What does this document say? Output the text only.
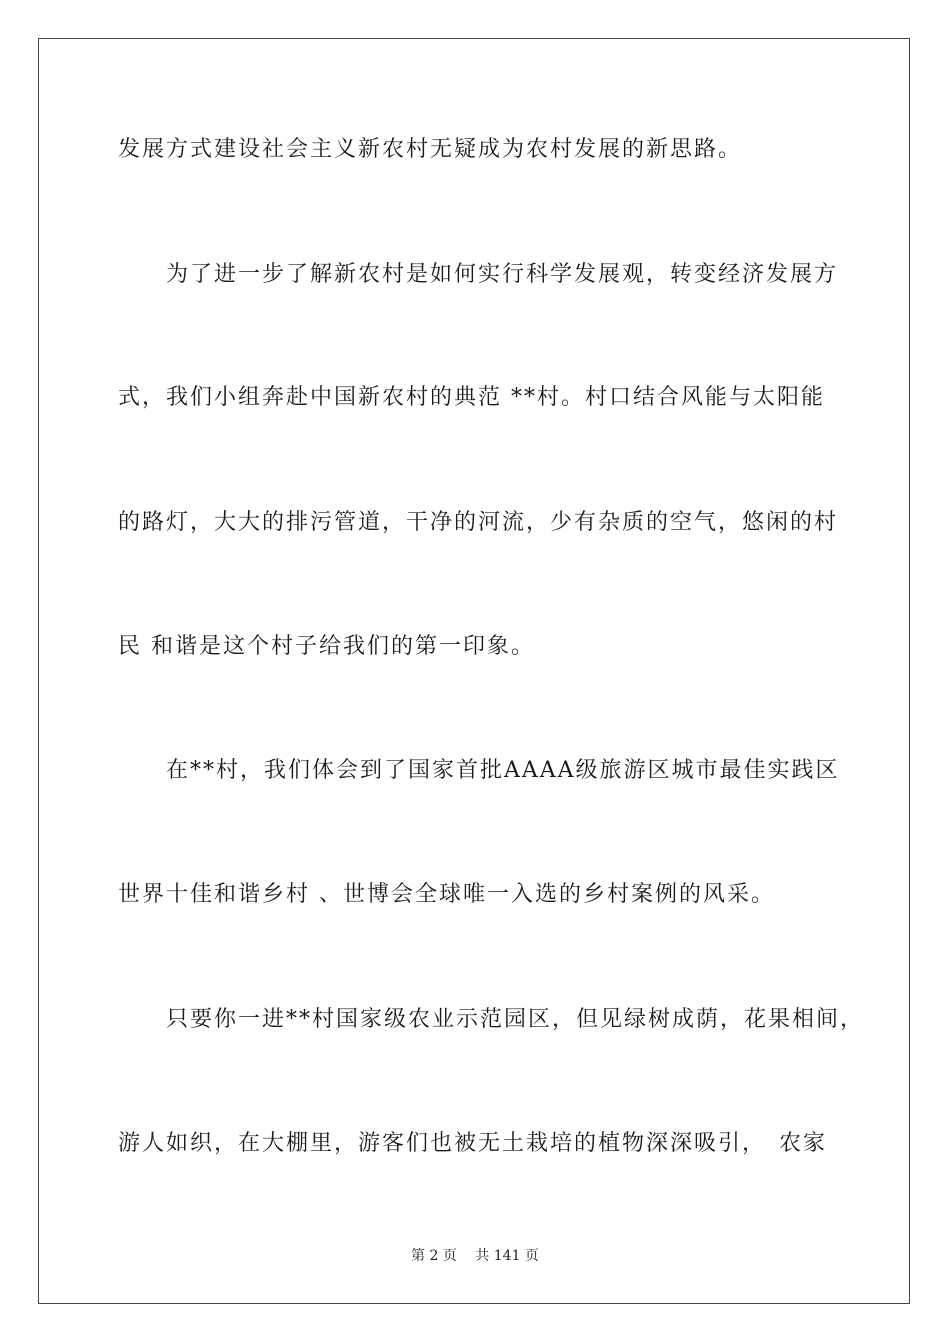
发展方式建设社会主义新农村无疑成为农村发展的新思路。
　　为了进一步了解新农村是如何实行科学发展观，转变经济发展方
式，我们小组奔赴中国新农村的典范 **村。村口结合风能与太阳能
的路灯，大大的排污管道，干净的河流，少有杂质的空气，悠闲的村
民 和谐是这个村子给我们的第一印象。
　　在**村，我们体会到了国家首批AAAA级旅游区城市最佳实践区
世界十佳和谐乡村 、世博会全球唯一入选的乡村案例的风采。
　　只要你一进**村国家级农业示范园区，但见绿树成荫，花果相间，
游人如织，在大棚里，游客们也被无土栽培的植物深深吸引，　农家
第 2 页　 共 141 页
